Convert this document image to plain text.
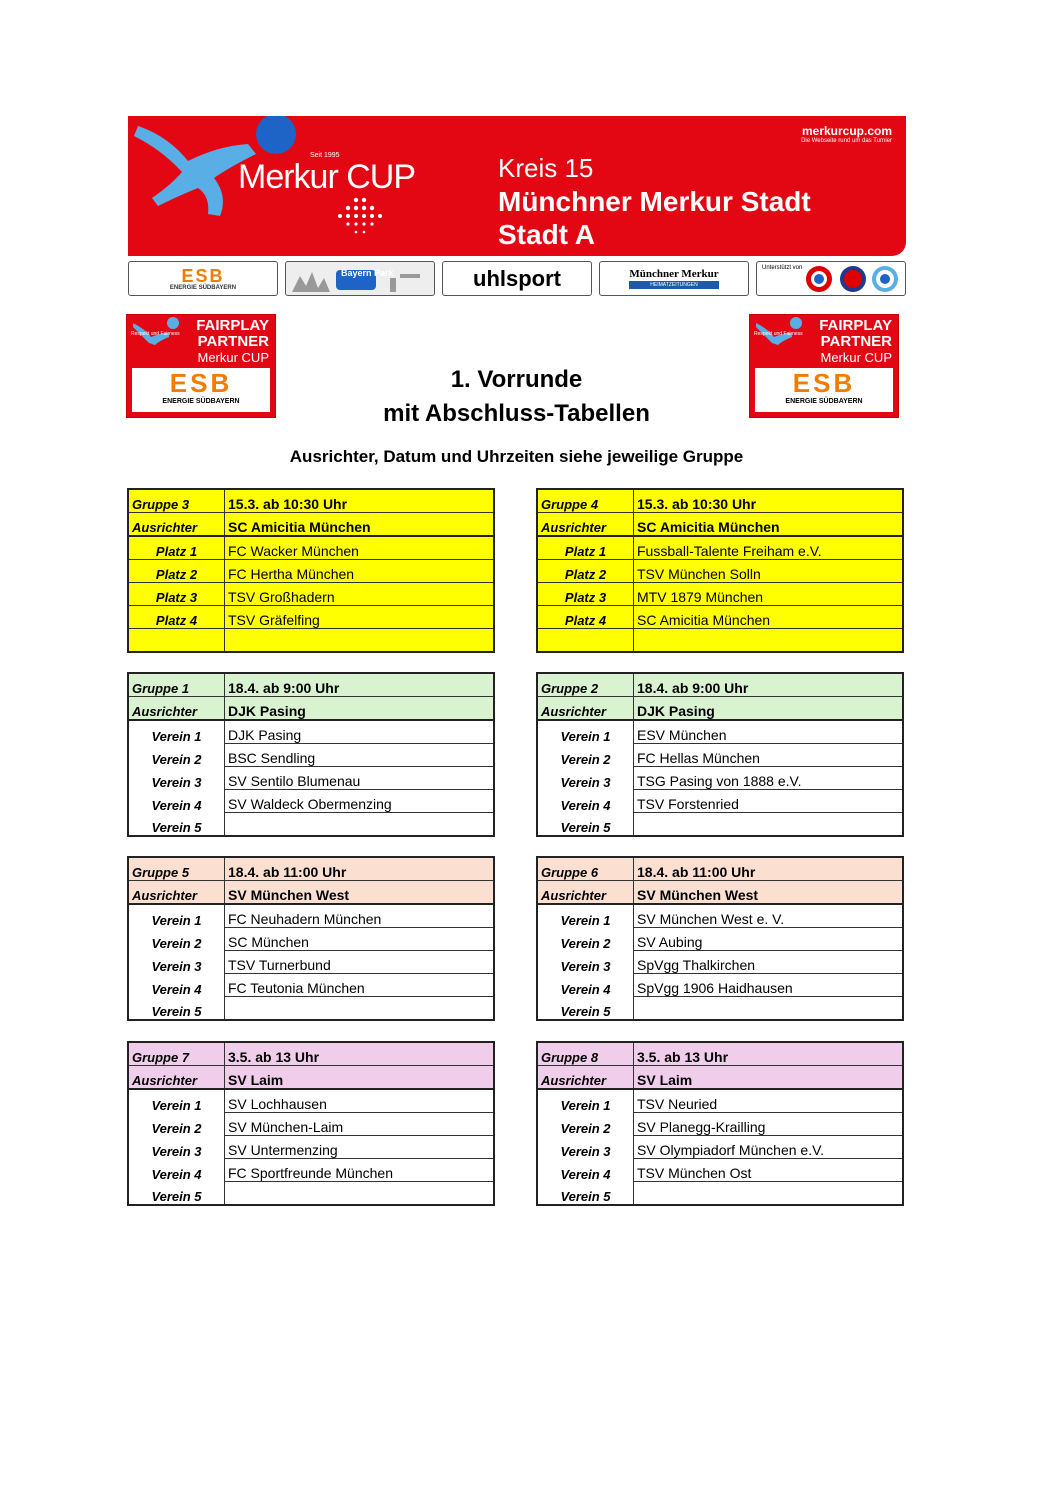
Merkur CUP
Seit 1995	Kreis 15
Münchner Merkur Stadt
Stadt A
merkurcup.com
Die Webseite rund um das Turnier
ESB
ENERGIE SÜDBAYERN
Bayern Park	uhlsport	Münchner Merkur
HEIMATZEITUNGEN
Unterstützt von
Respekt und Fairness FAIRPLAY
PARTNER
Merkur CUP
ESB
ENERGIE SÜDBAYERN
Respekt und Fairness FAIRPLAY
PARTNER
Merkur CUP
ESB
ENERGIE SÜDBAYERN
1. Vorrunde
mit Abschluss-Tabellen
Ausrichter, Datum und Uhrzeiten siehe jeweilige Gruppe
Gruppe 3	15.3. ab 10:30 Uhr
Ausrichter	SC Amicitia München
Platz 1	FC Wacker München
Platz 2	FC Hertha München
Platz 3	TSV Großhadern
Platz 4	TSV Gräfelfing

Gruppe 4	15.3. ab 10:30 Uhr
Ausrichter	SC Amicitia München
Platz 1	Fussball-Talente Freiham e.V.
Platz 2	TSV München Solln
Platz 3	MTV 1879 München
Platz 4	SC Amicitia München

Gruppe 1	18.4. ab 9:00 Uhr
Ausrichter	DJK Pasing
Verein 1	DJK Pasing
Verein 2	BSC Sendling
Verein 3	SV Sentilo Blumenau
Verein 4	SV Waldeck Obermenzing
Verein 5	
Gruppe 2	18.4. ab 9:00 Uhr
Ausrichter	DJK Pasing
Verein 1	ESV München
Verein 2	FC Hellas München
Verein 3	TSG Pasing von 1888 e.V.
Verein 4	TSV Forstenried
Verein 5	
Gruppe 5	18.4. ab 11:00 Uhr
Ausrichter	SV München West
Verein 1	FC Neuhadern München
Verein 2	SC München
Verein 3	TSV Turnerbund
Verein 4	FC Teutonia München
Verein 5	
Gruppe 6	18.4. ab 11:00 Uhr
Ausrichter	SV München West
Verein 1	SV München West e. V.
Verein 2	SV Aubing
Verein 3	SpVgg Thalkirchen
Verein 4	SpVgg 1906 Haidhausen
Verein 5	
Gruppe 7	3.5. ab 13 Uhr
Ausrichter	SV Laim
Verein 1	SV Lochhausen
Verein 2	SV München-Laim
Verein 3	SV Untermenzing
Verein 4	FC Sportfreunde München
Verein 5	
Gruppe 8	3.5. ab 13 Uhr
Ausrichter	SV Laim
Verein 1	TSV Neuried
Verein 2	SV Planegg-Krailling
Verein 3	SV Olympiadorf München e.V.
Verein 4	TSV München Ost
Verein 5	
